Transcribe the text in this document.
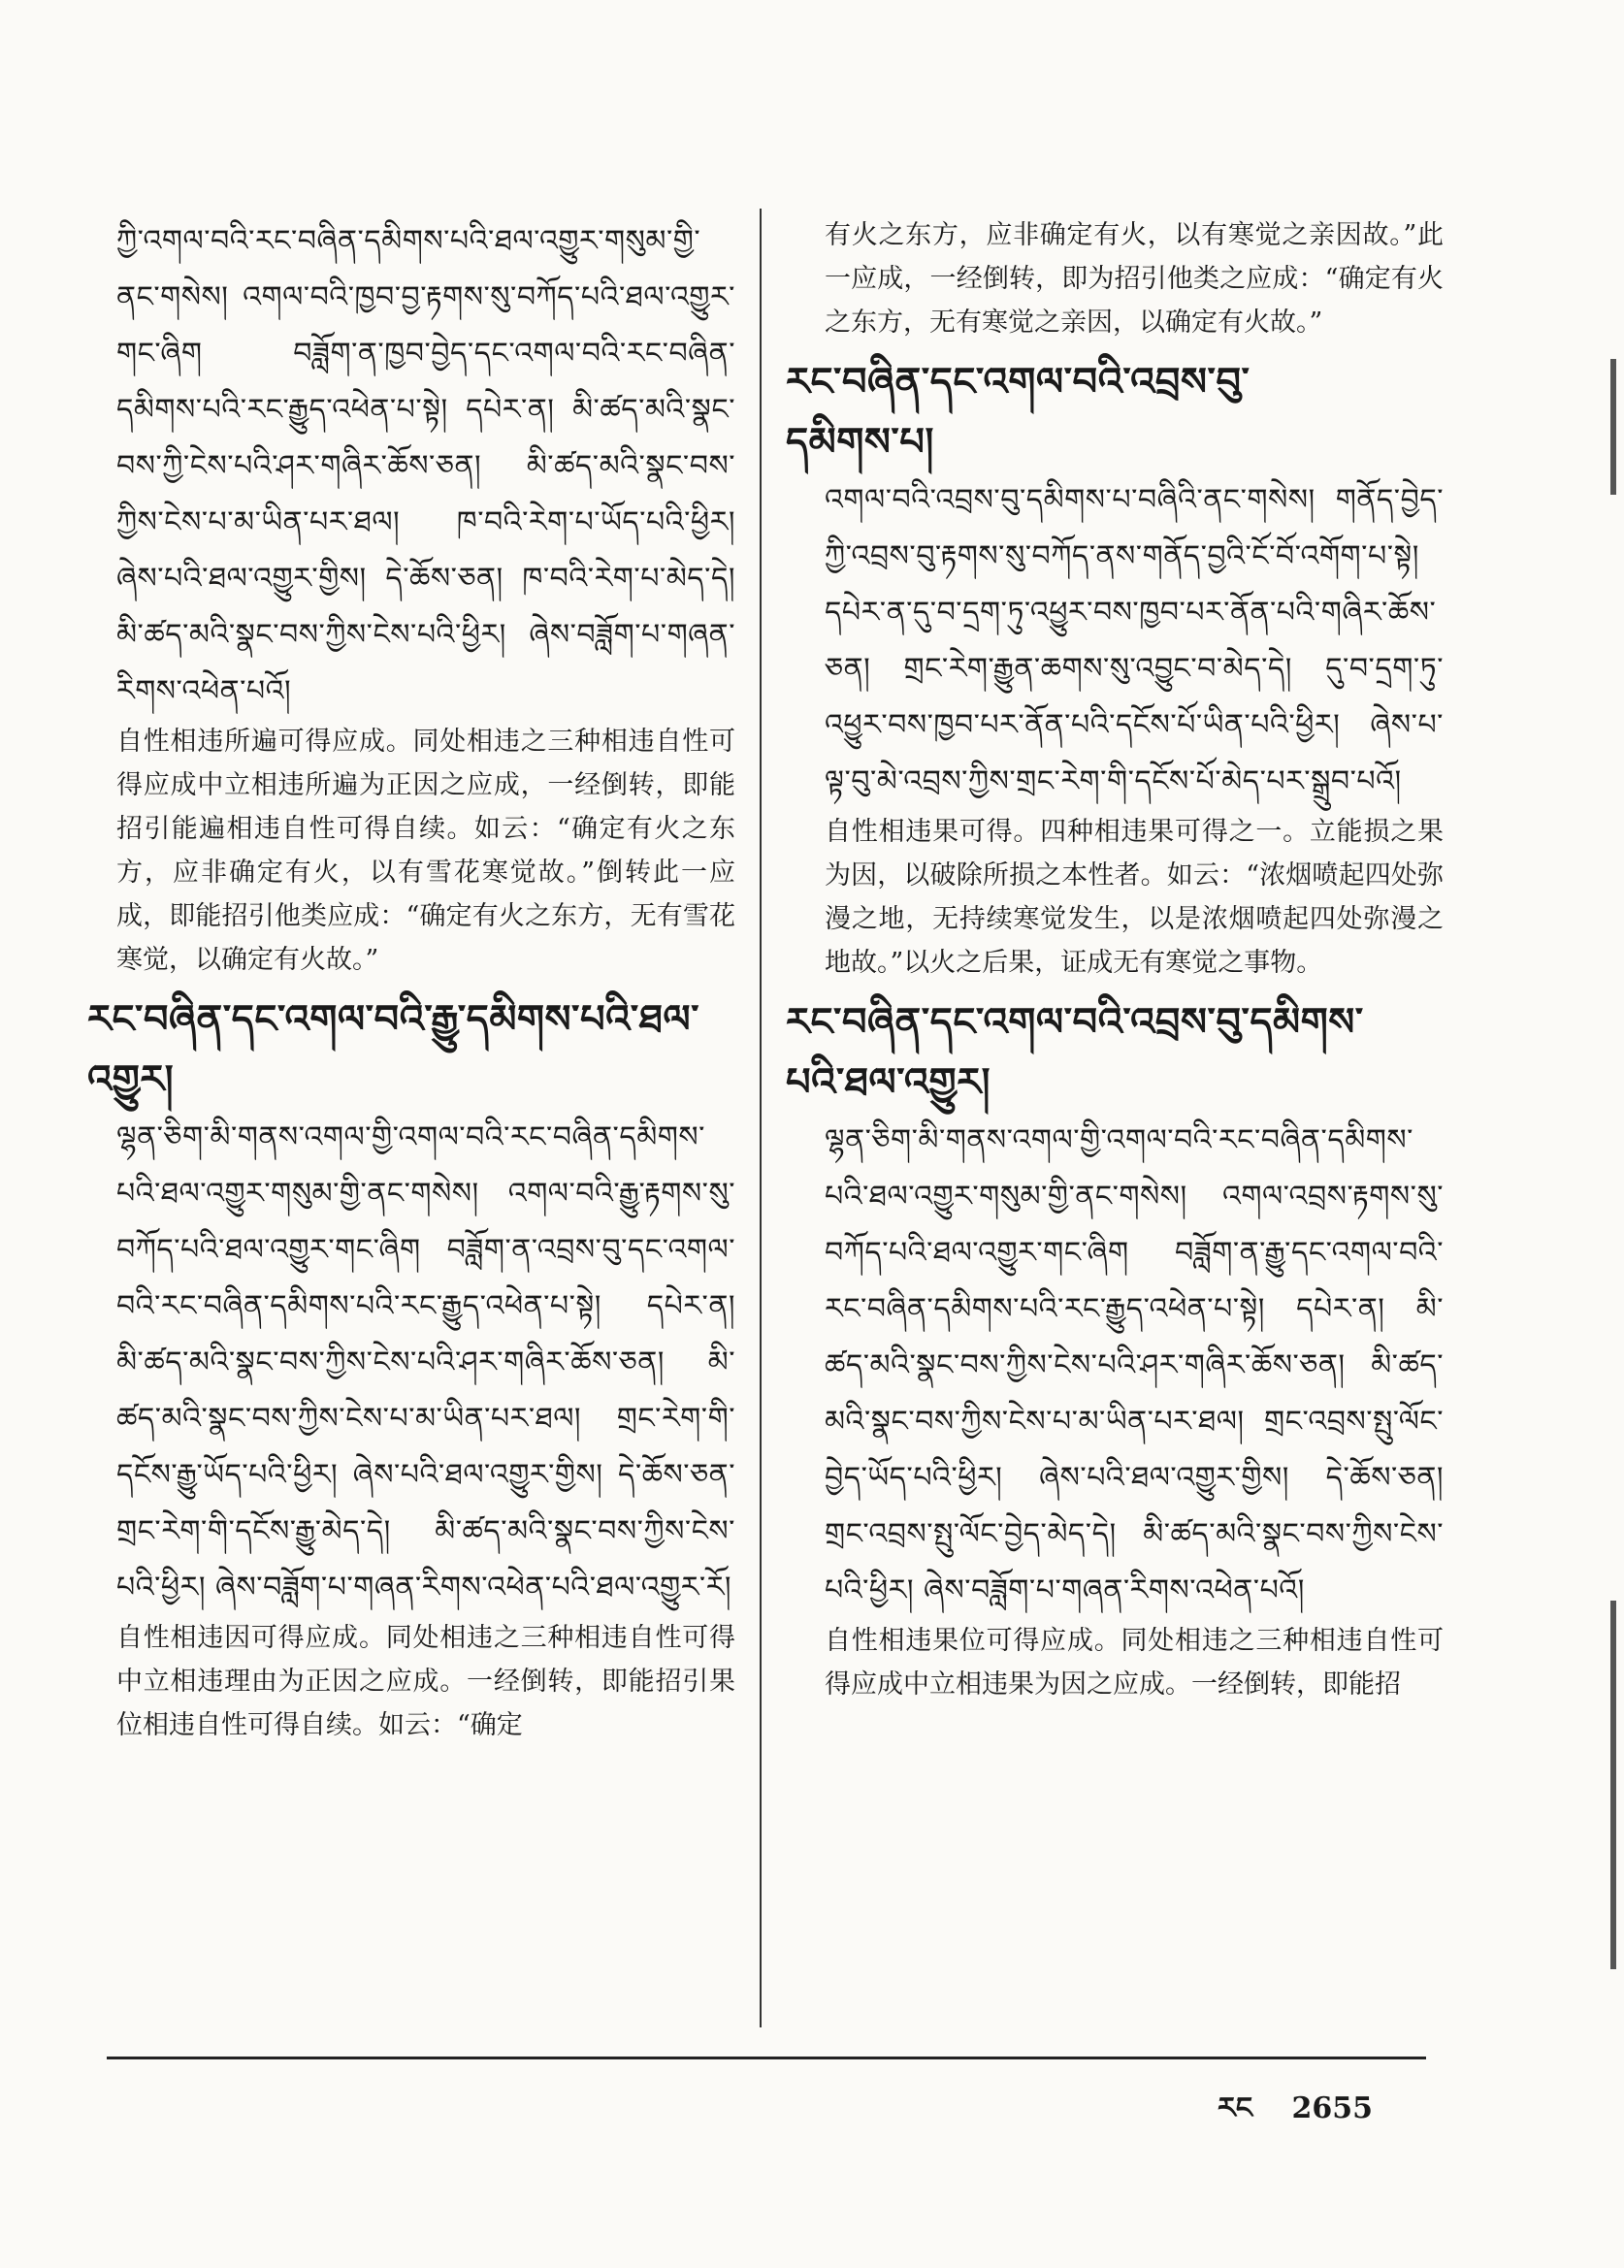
ཀྱི་འགལ་བའི་རང་བཞིན་དམིགས་པའི་ཐལ་འགྱུར་གསུམ་གྱི་ནང་གསེས། འགལ་བའི་ཁྱབ་བྱ་རྟགས་སུ་བཀོད་པའི་ཐལ་འགྱུར་གང་ཞིག བཟློག་ན་ཁྱབ་བྱེད་དང་འགལ་བའི་རང་བཞིན་དམིགས་པའི་རང་རྒྱུད་འཕེན་པ་སྟེ། དཔེར་ན། མི་ཚད་མའི་སྣང་བས་ཀྱི་ངེས་པའི་ཤར་གཞིར་ཆོས་ཅན། མི་ཚད་མའི་སྣང་བས་ཀྱིས་ངེས་པ་མ་ཡིན་པར་ཐལ། ཁ་བའི་རེག་པ་ཡོད་པའི་ཕྱིར། ཞེས་པའི་ཐལ་འགྱུར་གྱིས། དེ་ཆོས་ཅན། ཁ་བའི་རེག་པ་མེད་དེ། མི་ཚད་མའི་སྣང་བས་ཀྱིས་ངེས་པའི་ཕྱིར། ཞེས་བཟློག་པ་གཞན་རིགས་འཕེན་པའོ།

自性相违所遍可得应成。同处相违之三种相违自性可得应成中立相违所遍为正因之应成，一经倒转，即能招引能遍相违自性可得自续。如云：“确定有火之东方，应非确定有火，以有雪花寒觉故。”倒转此一应成，即能招引他类应成：“确定有火之东方，无有雪花寒觉，以确定有火故。”

རང་བཞིན་དང་འགལ་བའི་རྒྱུ་དམིགས་པའི་ཐལ་འགྱུར།

ལྷན་ཅིག་མི་གནས་འགལ་གྱི་འགལ་བའི་རང་བཞིན་དམིགས་པའི་ཐལ་འགྱུར་གསུམ་གྱི་ནང་གསེས། འགལ་བའི་རྒྱུ་རྟགས་སུ་བཀོད་པའི་ཐལ་འགྱུར་གང་ཞིག བཟློག་ན་འབྲས་བུ་དང་འགལ་བའི་རང་བཞིན་དམིགས་པའི་རང་རྒྱུད་འཕེན་པ་སྟེ། དཔེར་ན། མི་ཚད་མའི་སྣང་བས་ཀྱིས་ངེས་པའི་ཤར་གཞིར་ཆོས་ཅན། མི་ཚད་མའི་སྣང་བས་ཀྱིས་ངེས་པ་མ་ཡིན་པར་ཐལ། གྲང་རེག་གི་དངོས་རྒྱུ་ཡོད་པའི་ཕྱིར། ཞེས་པའི་ཐལ་འགྱུར་གྱིས། དེ་ཆོས་ཅན་གྲང་རེག་གི་དངོས་རྒྱུ་མེད་དེ། མི་ཚད་མའི་སྣང་བས་ཀྱིས་ངེས་པའི་ཕྱིར། ཞེས་བཟློག་པ་གཞན་རིགས་འཕེན་པའི་ཐལ་འགྱུར་རོ།

自性相违因可得应成。同处相违之三种相违自性可得中立相违理由为正因之应成。一经倒转，即能招引果位相违自性可得自续。如云：“确定

有火之东方，应非确定有火，以有寒觉之亲因故。”此一应成，一经倒转，即为招引他类之应成：“确定有火之东方，无有寒觉之亲因，以确定有火故。”

རང་བཞིན་དང་འགལ་བའི་འབྲས་བུ་
དམིགས་པ།

འགལ་བའི་འབྲས་བུ་དམིགས་པ་བཞིའི་ནང་གསེས། གནོད་བྱེད་ཀྱི་འབྲས་བུ་རྟགས་སུ་བཀོད་ནས་གནོད་བྱའི་ངོ་བོ་འགོག་པ་སྟེ། དཔེར་ན་དུ་བ་དྲག་ཏུ་འཕྱུར་བས་ཁྱབ་པར་ནོན་པའི་གཞིར་ཆོས་ཅན། གྲང་རེག་རྒྱུན་ཆགས་སུ་འབྱུང་བ་མེད་དེ། དུ་བ་དྲག་ཏུ་འཕྱུར་བས་ཁྱབ་པར་ནོན་པའི་དངོས་པོ་ཡིན་པའི་ཕྱིར། ཞེས་པ་ལྟ་བུ་མེ་འབྲས་ཀྱིས་གྲང་རེག་གི་དངོས་པོ་མེད་པར་སྒྲུབ་པའོ།

自性相违果可得。四种相违果可得之一。立能损之果为因，以破除所损之本性者。如云：“浓烟喷起四处弥漫之地，无持续寒觉发生，以是浓烟喷起四处弥漫之地故。”以火之后果，证成无有寒觉之事物。

རང་བཞིན་དང་འགལ་བའི་འབྲས་བུ་དམིགས་
པའི་ཐལ་འགྱུར།

ལྷན་ཅིག་མི་གནས་འགལ་གྱི་འགལ་བའི་རང་བཞིན་དམིགས་པའི་ཐལ་འགྱུར་གསུམ་གྱི་ནང་གསེས། འགལ་འབྲས་རྟགས་སུ་བཀོད་པའི་ཐལ་འགྱུར་གང་ཞིག བཟློག་ན་རྒྱུ་དང་འགལ་བའི་རང་བཞིན་དམིགས་པའི་རང་རྒྱུད་འཕེན་པ་སྟེ། དཔེར་ན། མི་ཚད་མའི་སྣང་བས་ཀྱིས་ངེས་པའི་ཤར་གཞིར་ཆོས་ཅན། མི་ཚད་མའི་སྣང་བས་ཀྱིས་ངེས་པ་མ་ཡིན་པར་ཐལ། གྲང་འབྲས་སྤུ་ལོང་བྱེད་ཡོད་པའི་ཕྱིར། ཞེས་པའི་ཐལ་འགྱུར་གྱིས། དེ་ཆོས་ཅན། གྲང་འབྲས་སྤུ་ལོང་བྱེད་མེད་དེ། མི་ཚད་མའི་སྣང་བས་ཀྱིས་ངེས་པའི་ཕྱིར། ཞེས་བཟློག་པ་གཞན་རིགས་འཕེན་པའོ།

自性相违果位可得应成。同处相违之三种相违自性可得应成中立相违果为因之应成。一经倒转，即能招

རང 2655
